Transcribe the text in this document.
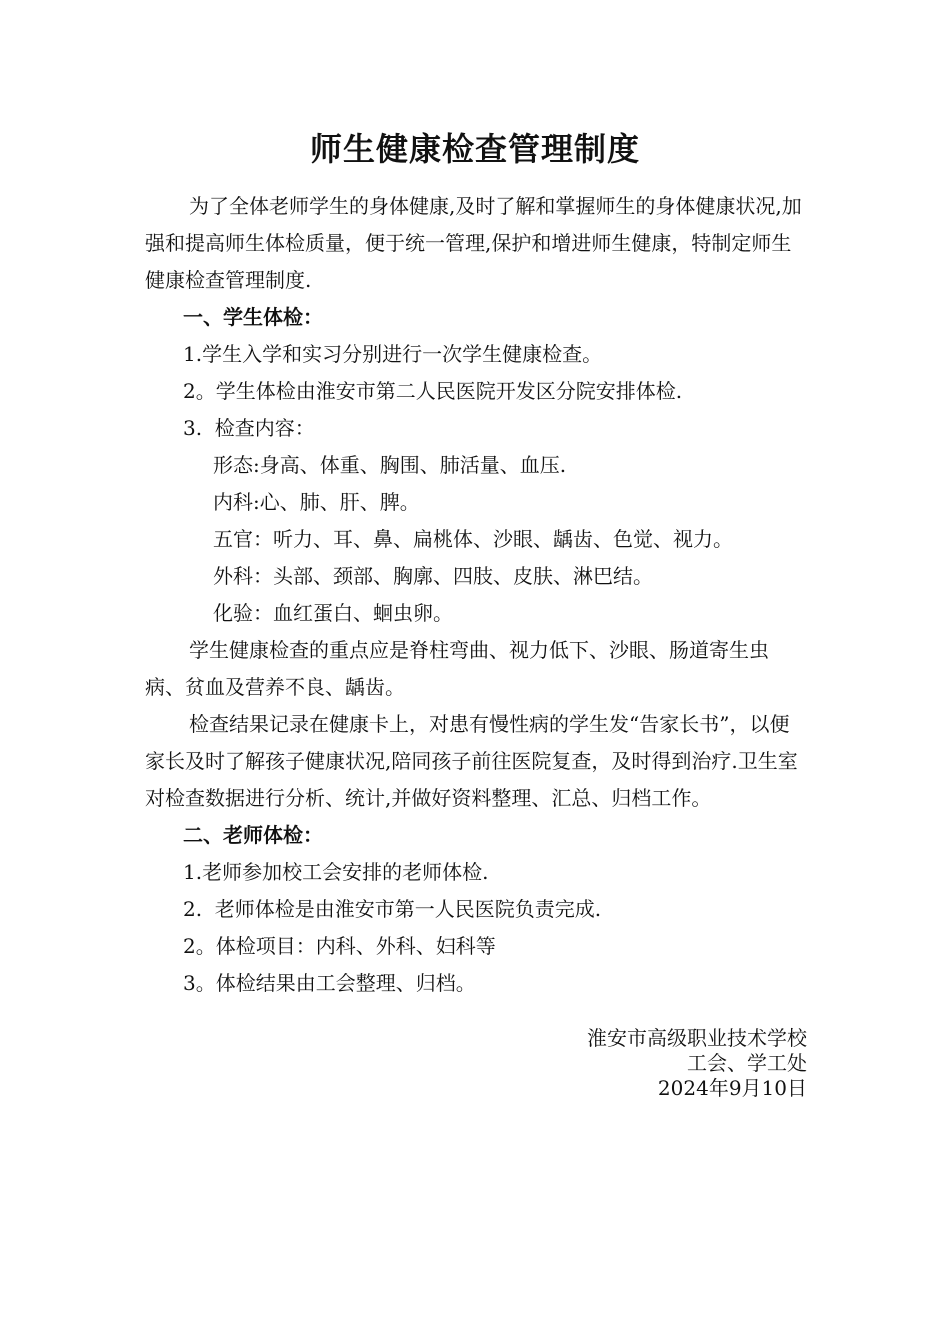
师生健康检查管理制度

为了全体老师学生的身体健康,及时了解和掌握师生的身体健康状况,加强和提高师生体检质量，便于统一管理,保护和增进师生健康，特制定师生健康检查管理制度.

一、学生体检：

1.学生入学和实习分别进行一次学生健康检查。

2。学生体检由淮安市第二人民医院开发区分院安排体检.

3.  检查内容：

形态:身高、体重、胸围、肺活量、血压.

内科:心、肺、肝、脾。

五官：听力、耳、鼻、扁桃体、沙眼、龋齿、色觉、视力。

外科：头部、颈部、胸廓、四肢、皮肤、淋巴结。

化验：血红蛋白、蛔虫卵。

学生健康检查的重点应是脊柱弯曲、视力低下、沙眼、肠道寄生虫病、贫血及营养不良、龋齿。

检查结果记录在健康卡上，对患有慢性病的学生发“告家长书”，以便家长及时了解孩子健康状况,陪同孩子前往医院复查，及时得到治疗.卫生室对检查数据进行分析、统计,并做好资料整理、汇总、归档工作。

二、老师体检：

1.老师参加校工会安排的老师体检.

2.  老师体检是由淮安市第一人民医院负责完成.

2。体检项目：内科、外科、妇科等

3。体检结果由工会整理、归档。

淮安市高级职业技术学校
工会、学工处
2024年9月10日
